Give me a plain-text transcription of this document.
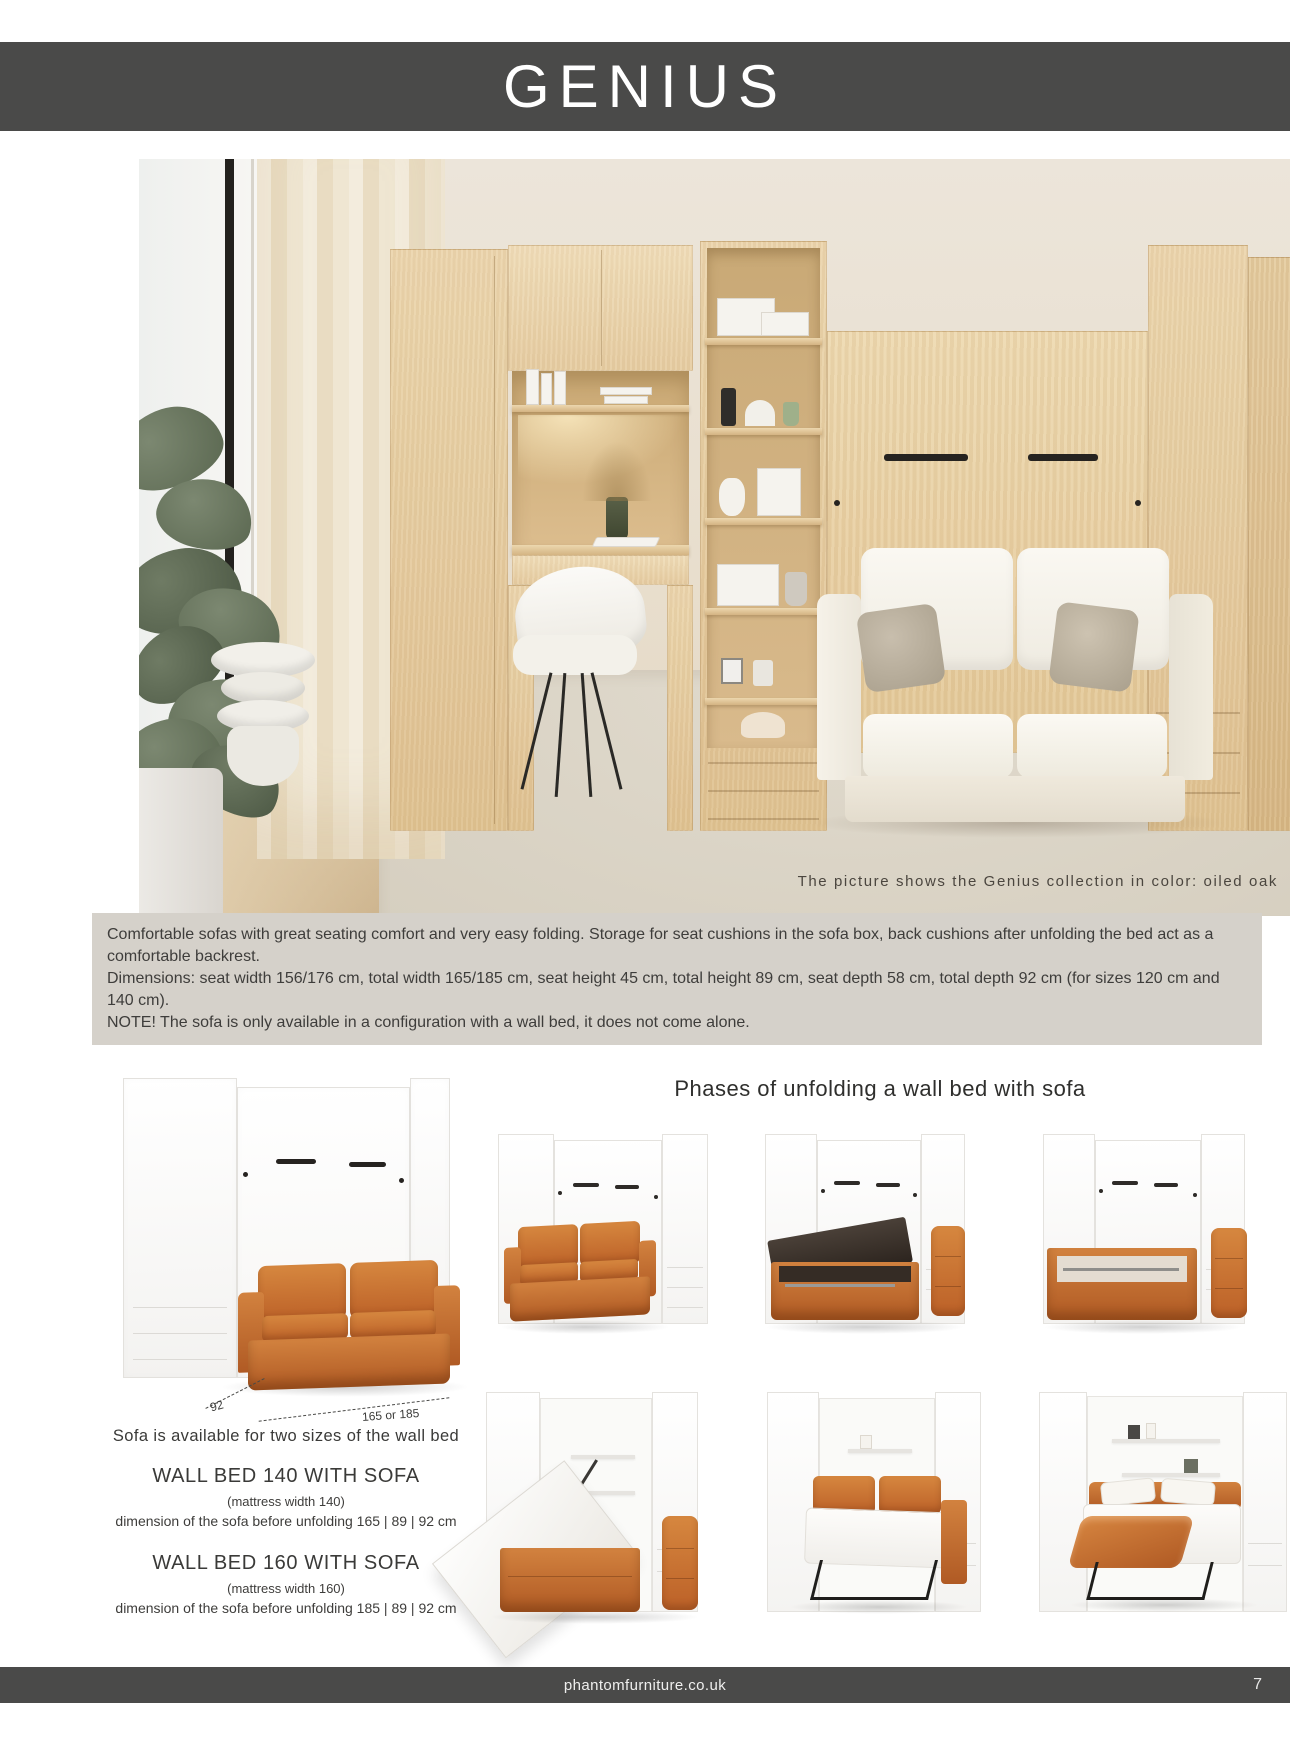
GENIUS
The picture shows the Genius collection in color: oiled oak

Comfortable sofas with great seating comfort and very easy folding. Storage for seat cushions in the sofa box, back cushions after unfolding the bed act as a comfortable backrest.

Dimensions: seat width 156/176 cm, total width 165/185 cm, seat height 45 cm, total height 89 cm, seat depth 58 cm, total depth 92 cm (for sizes 120 cm and 140 cm).

NOTE! The sofa is only available in a configuration with a wall bed, it does not come alone.

92
165 or 185
Sofa is available for two sizes of the wall bed
WALL BED 140 WITH SOFA
(mattress width 140)
dimension of the sofa before unfolding 165 | 89 | 92 cm
WALL BED 160 WITH SOFA
(mattress width 160)
dimension of the sofa before unfolding 185 | 89 | 92 cm
Phases of unfolding a wall bed with sofa
phantomfurniture.co.uk	7
